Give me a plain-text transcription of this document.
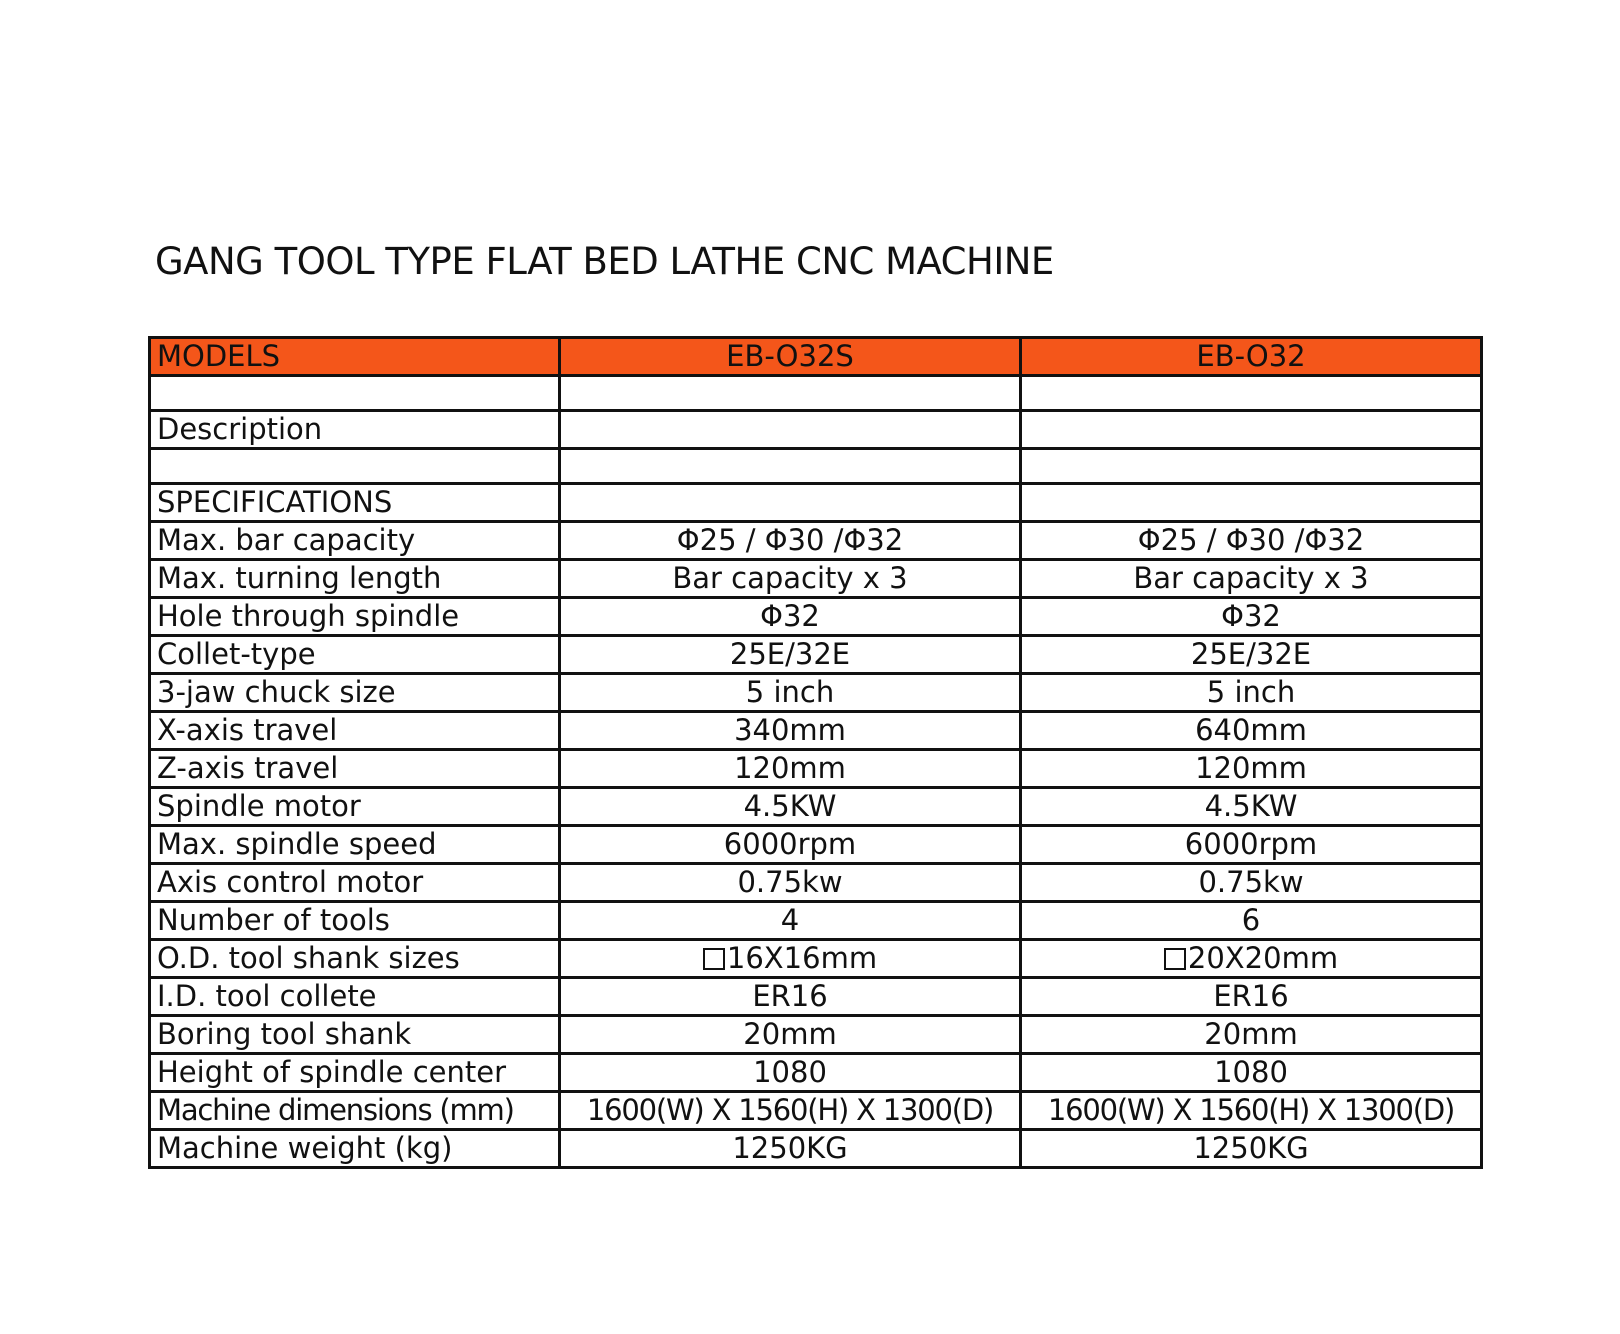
GANG TOOL TYPE FLAT BED LATHE CNC MACHINE
MODELS	EB-O32S	EB-O32

Description		

SPECIFICATIONS		
Max. bar capacity	Φ25 / Φ30 /Φ32	Φ25 / Φ30 /Φ32
Max. turning length	Bar capacity x 3	Bar capacity x 3
Hole through spindle	Φ32	Φ32
Collet-type	25E/32E	25E/32E
3-jaw chuck size	5 inch	5 inch
X-axis travel	340mm	640mm
Z-axis travel	120mm	120mm
Spindle motor	4.5KW	4.5KW
Max. spindle speed	6000rpm	6000rpm
Axis control motor	0.75kw	0.75kw
Number of tools	4	6
O.D. tool shank sizes	16X16mm	20X20mm
I.D. tool collete	ER16	ER16
Boring tool shank	20mm	20mm
Height of spindle center	1080	1080
Machine dimensions (mm)	1600(W) X 1560(H) X 1300(D)	1600(W) X 1560(H) X 1300(D)
Machine weight (kg)	1250KG	1250KG
